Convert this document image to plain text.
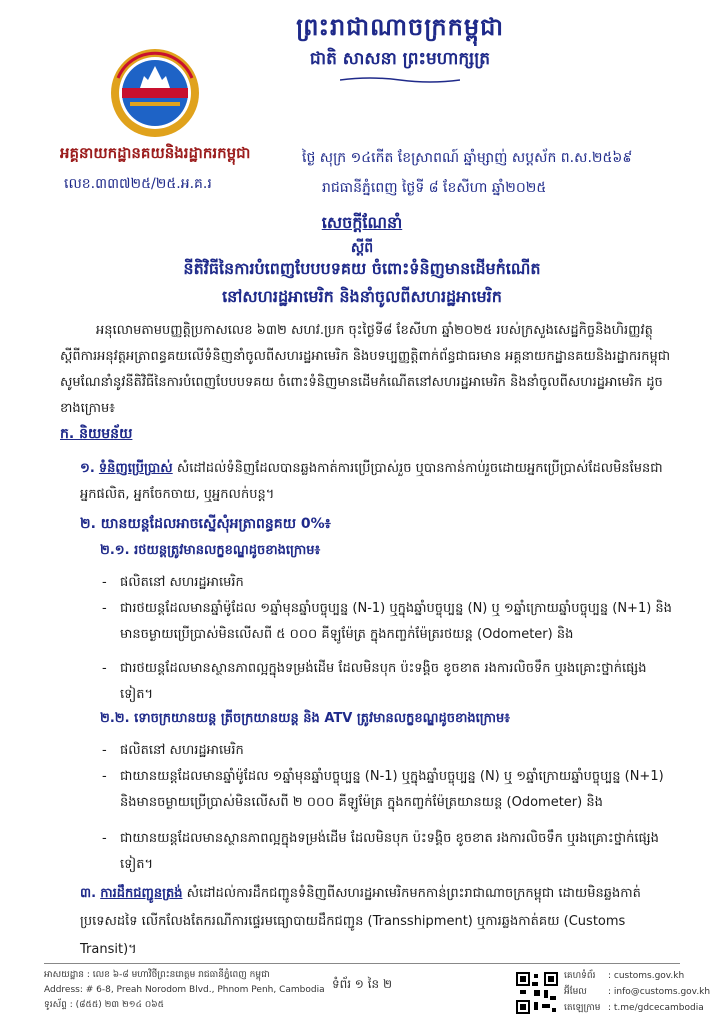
ព្រះរាជាណាចក្រកម្ពុជា
ជាតិ សាសនា ព្រះមហាក្សត្រ
អគ្គនាយកដ្ឋានគយនិងរដ្ឋាករកម្ពុជា
លេខ.៣៣៧២៥/២៥.អ.គ.រ
ថ្ងៃ សុក្រ ១៤កើត ខែស្រាពណ៍ ឆ្នាំម្សាញ់ សប្តស័ក ព.ស.២៥៦៩
រាជធានីភ្នំពេញ ថ្ងៃទី ៨ ខែសីហា ឆ្នាំ២០២៥
សេចក្តីណែនាំ
ស្តីពី
នីតិវិធីនៃការបំពេញបែបបទគយ ចំពោះទំនិញមានដើមកំណើត
នៅសហរដ្ឋអាមេរិក និងនាំចូលពីសហរដ្ឋអាមេរិក
អនុលោមតាមបញ្ញត្តិប្រកាសលេខ ៦៣២ សហវ.ប្រក ចុះថ្ងៃទី៨ ខែសីហា ឆ្នាំ២០២៥ របស់ក្រសួងសេដ្ឋកិច្ចនិងហិរញ្ញវត្ថុ ស្តីពីការអនុវត្តអត្រាពន្ធគយលើទំនិញនាំចូលពីសហរដ្ឋអាមេរិក និងបទប្បញ្ញត្តិពាក់ព័ន្ធជាធរមាន អគ្គនាយកដ្ឋានគយនិងរដ្ឋាករកម្ពុជា សូមណែនាំនូវនីតិវិធីនៃការបំពេញបែបបទគយ ចំពោះទំនិញមានដើមកំណើតនៅសហរដ្ឋអាមេរិក និងនាំចូលពីសហរដ្ឋអាមេរិក ដូចខាងក្រោម៖
ក. និយមន័យ
១. ទំនិញប្រើប្រាស់ សំដៅដល់ទំនិញដែលបានឆ្លងកាត់ការប្រើប្រាស់រួច ឬបានកាន់កាប់រួចដោយអ្នកប្រើប្រាស់ដែលមិនមែនជាអ្នកផលិត, អ្នកចែកចាយ, ឬអ្នកលក់បន្ត។
២. យានយន្តដែលអាចស្នើសុំអត្រាពន្ធគយ 0%៖
២.១. រថយន្តត្រូវមានលក្ខខណ្ឌដូចខាងក្រោម៖
- ផលិតនៅ សហរដ្ឋអាមេរិក
- ជារថយន្តដែលមានឆ្នាំម៉ូដែល ១ឆ្នាំមុនឆ្នាំបច្ចុប្បន្ន (N-1) ឬក្នុងឆ្នាំបច្ចុប្បន្ន (N) ឬ ១ឆ្នាំក្រោយឆ្នាំបច្ចុប្បន្ន (N+1) និងមានចម្ងាយប្រើប្រាស់មិនលើសពី ៥ ០០០ គីឡូម៉ែត្រ ក្នុងកញ្ចក់ម៉ែត្ររថយន្ត (Odometer) និង
- ជារថយន្តដែលមានស្ថានភាពល្អក្នុងទម្រង់ដើម ដែលមិនបុក ប៉ះទង្គិច ខូចខាត រងការលិចទឹក ឬរងគ្រោះថ្នាក់ផ្សេងទៀត។
២.២. ទោចក្រយានយន្ត ត្រីចក្រយានយន្ត និង ATV ត្រូវមានលក្ខខណ្ឌដូចខាងក្រោម៖
- ផលិតនៅ សហរដ្ឋអាមេរិក
- ជាយានយន្តដែលមានឆ្នាំម៉ូដែល ១ឆ្នាំមុនឆ្នាំបច្ចុប្បន្ន (N-1) ឬក្នុងឆ្នាំបច្ចុប្បន្ន (N) ឬ ១ឆ្នាំក្រោយឆ្នាំបច្ចុប្បន្ន (N+1) និងមានចម្ងាយប្រើប្រាស់មិនលើសពី ២ ០០០ គីឡូម៉ែត្រ ក្នុងកញ្ចក់ម៉ែត្រយានយន្ត (Odometer) និង
- ជាយានយន្តដែលមានស្ថានភាពល្អក្នុងទម្រង់ដើម ដែលមិនបុក ប៉ះទង្គិច ខូចខាត រងការលិចទឹក ឬរងគ្រោះថ្នាក់ផ្សេងទៀត។
៣. ការដឹកជញ្ជូនត្រង់ សំដៅដល់ការដឹកជញ្ជូនទំនិញពីសហរដ្ឋអាមេរិកមកកាន់ព្រះរាជាណាចក្រកម្ពុជា ដោយមិនឆ្លងកាត់ប្រទេសដទៃ លើកលែងតែករណីការផ្ទេរមធ្យោបាយដឹកជញ្ជូន (Transshipment) ឬការឆ្លងកាត់គយ (Customs Transit)។
អាសយដ្ឋាន : លេខ ៦-៨ មហាវិថីព្រះនរោត្តម រាជធានីភ្នំពេញ កម្ពុជា
Address: # 6-8, Preah Norodom Blvd., Phnom Penh, Cambodia
ទូរស័ព្ទ : (៨៥៥) ២៣ ២១៤ ០៦៥
ទំព័រ ១ នៃ ២
គេហទំព័រ : customs.gov.kh
អ៊ីមែល : info@customs.gov.kh
តេឡេក្រាម : t.me/gdcecambodia
